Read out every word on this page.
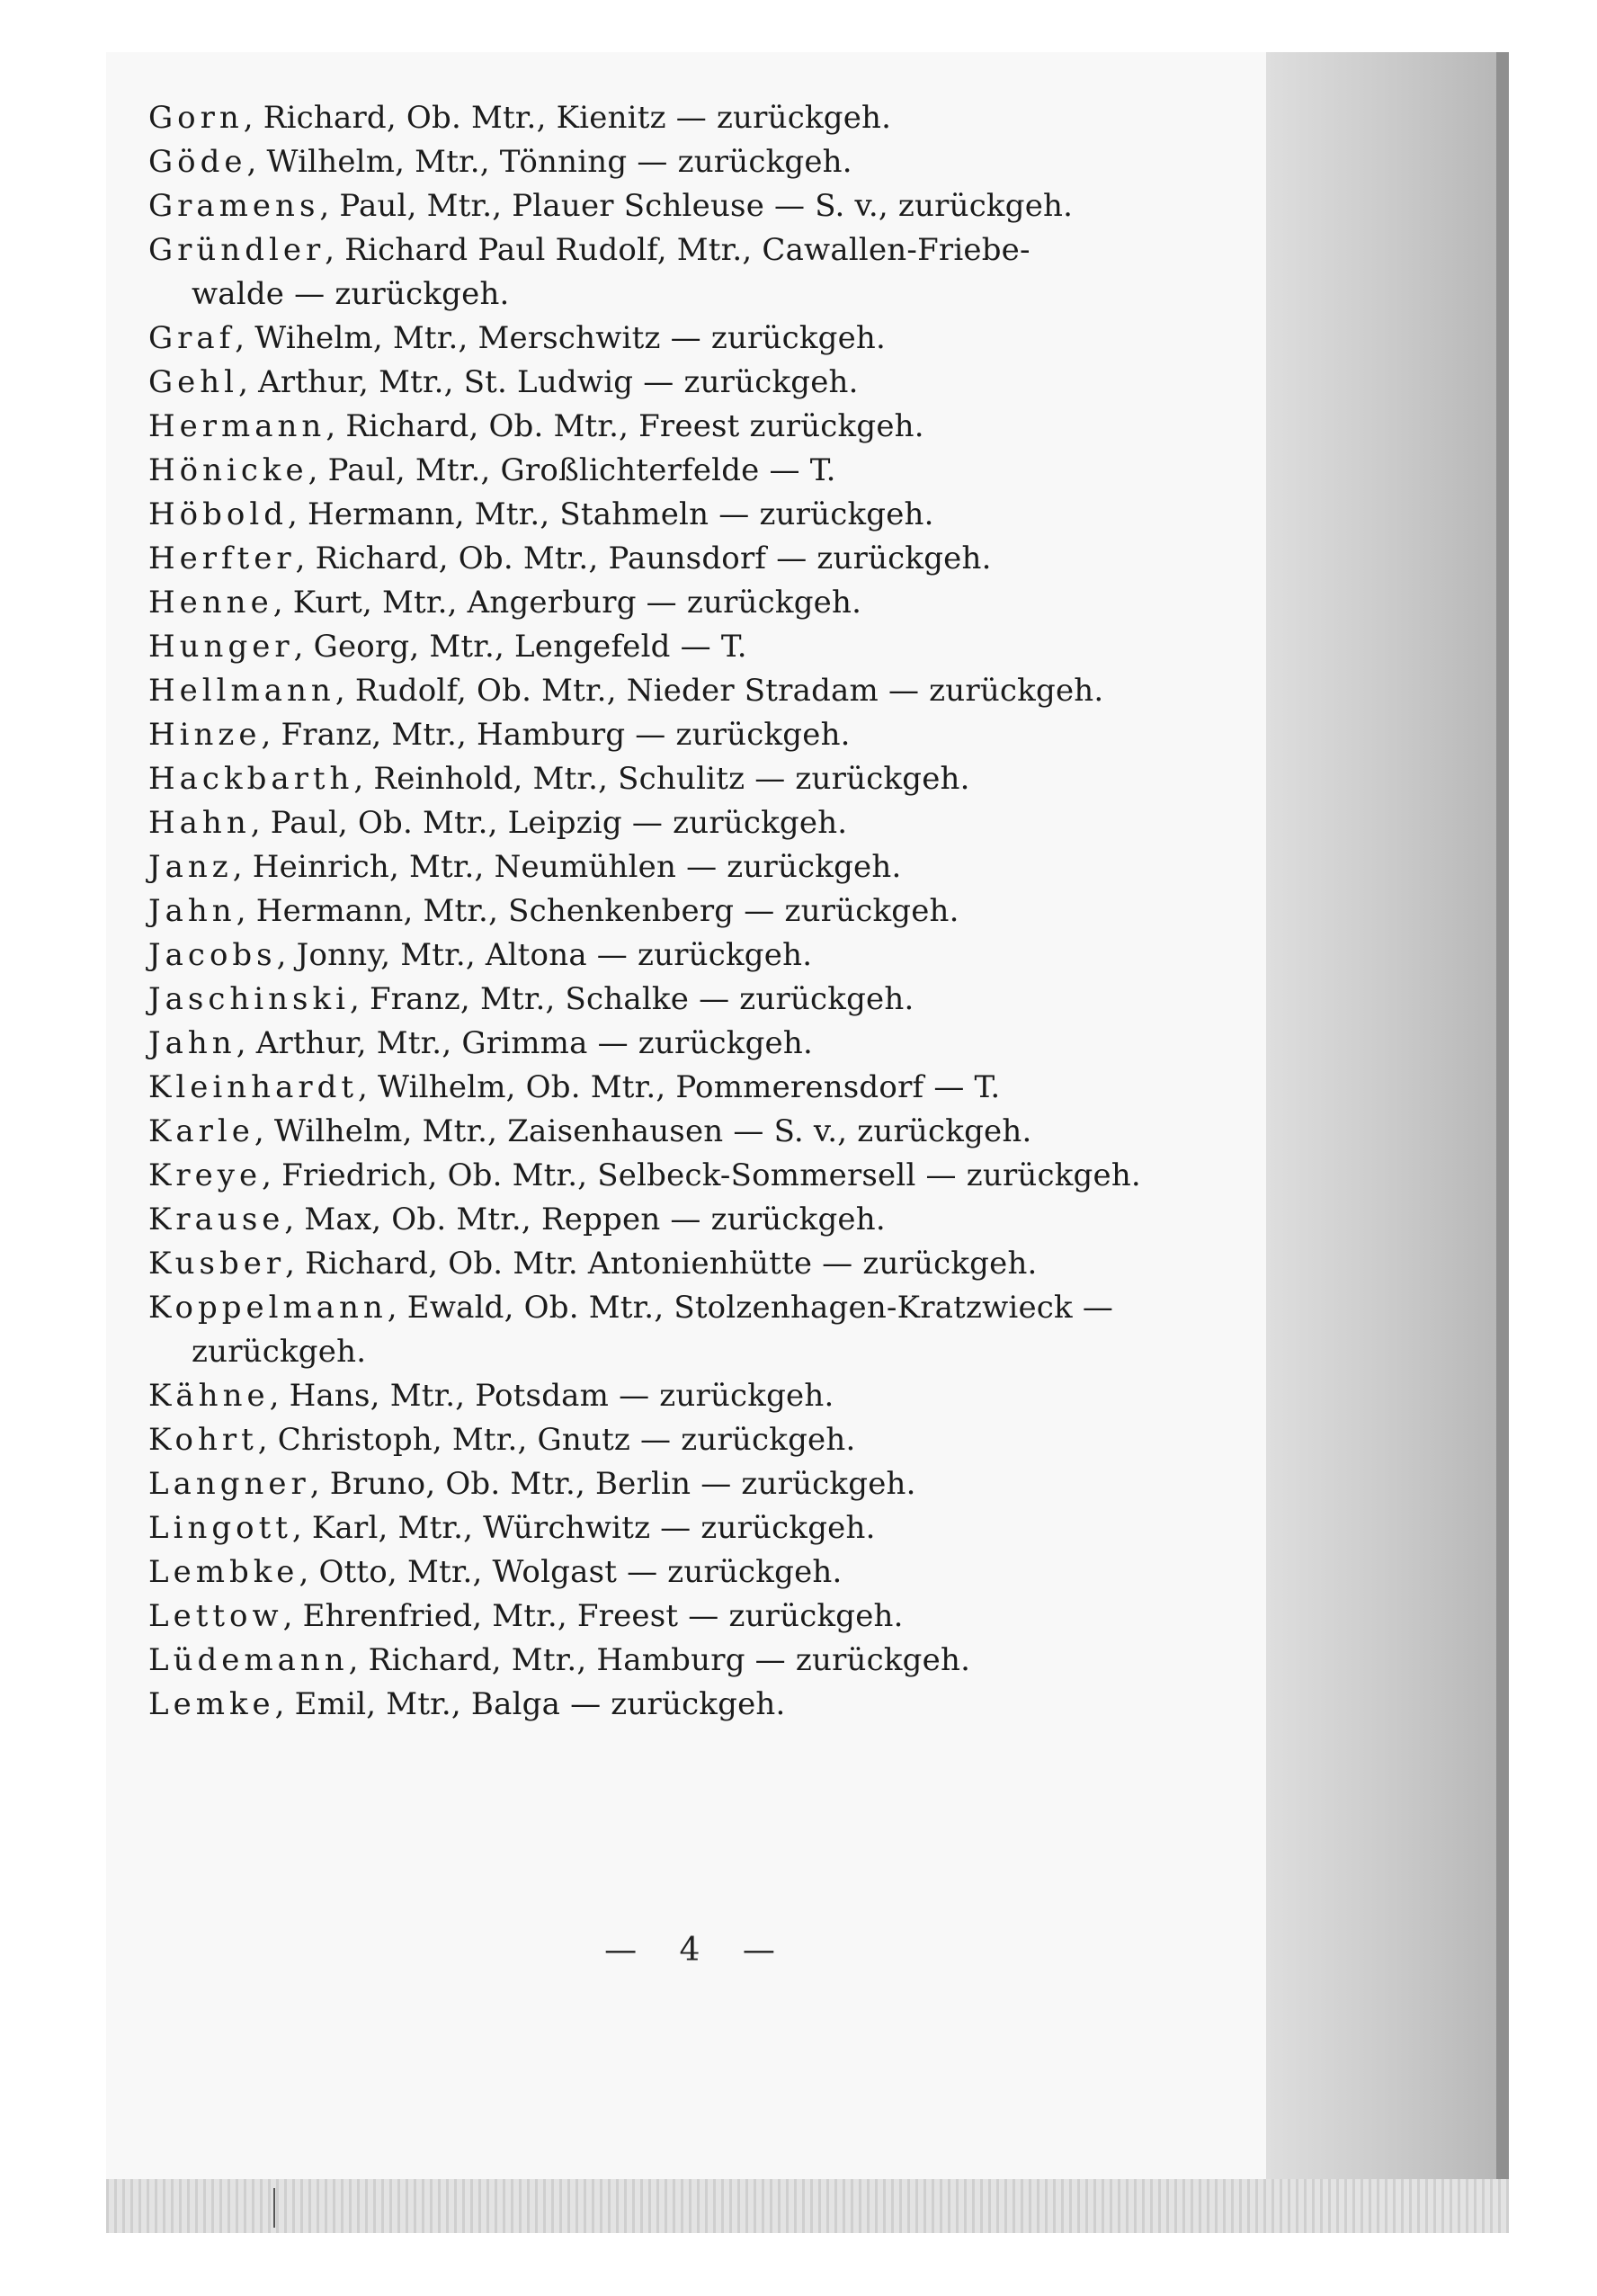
Gorn, Richard, Ob. Mtr., Kienitz — zurückgeh.
Göde, Wilhelm, Mtr., Tönning — zurückgeh.
Gramens, Paul, Mtr., Plauer Schleuse — S. v., zurückgeh.
Gründler, Richard Paul Rudolf, Mtr., Cawallen-Friebe-
walde — zurückgeh.
Graf, Wihelm, Mtr., Merschwitz — zurückgeh.
Gehl, Arthur, Mtr., St. Ludwig — zurückgeh.
Hermann, Richard, Ob. Mtr., Freest zurückgeh.
Hönicke, Paul, Mtr., Großlichterfelde — T.
Höbold, Hermann, Mtr., Stahmeln — zurückgeh.
Herfter, Richard, Ob. Mtr., Paunsdorf — zurückgeh.
Henne, Kurt, Mtr., Angerburg — zurückgeh.
Hunger, Georg, Mtr., Lengefeld — T.
Hellmann, Rudolf, Ob. Mtr., Nieder Stradam — zurückgeh.
Hinze, Franz, Mtr., Hamburg — zurückgeh.
Hackbarth, Reinhold, Mtr., Schulitz — zurückgeh.
Hahn, Paul, Ob. Mtr., Leipzig — zurückgeh.
Janz, Heinrich, Mtr., Neumühlen — zurückgeh.
Jahn, Hermann, Mtr., Schenkenberg — zurückgeh.
Jacobs, Jonny, Mtr., Altona — zurückgeh.
Jaschinski, Franz, Mtr., Schalke — zurückgeh.
Jahn, Arthur, Mtr., Grimma — zurückgeh.
Kleinhardt, Wilhelm, Ob. Mtr., Pommerensdorf — T.
Karle, Wilhelm, Mtr., Zaisenhausen — S. v., zurückgeh.
Kreye, Friedrich, Ob. Mtr., Selbeck-Sommersell — zurückgeh.
Krause, Max, Ob. Mtr., Reppen — zurückgeh.
Kusber, Richard, Ob. Mtr. Antonienhütte — zurückgeh.
Koppelmann, Ewald, Ob. Mtr., Stolzenhagen-Kratzwieck —
zurückgeh.
Kähne, Hans, Mtr., Potsdam — zurückgeh.
Kohrt, Christoph, Mtr., Gnutz — zurückgeh.
Langner, Bruno, Ob. Mtr., Berlin — zurückgeh.
Lingott, Karl, Mtr., Würchwitz — zurückgeh.
Lembke, Otto, Mtr., Wolgast — zurückgeh.
Lettow, Ehrenfried, Mtr., Freest — zurückgeh.
Lüdemann, Richard, Mtr., Hamburg — zurückgeh.
Lemke, Emil, Mtr., Balga — zurückgeh.
— 4 —
